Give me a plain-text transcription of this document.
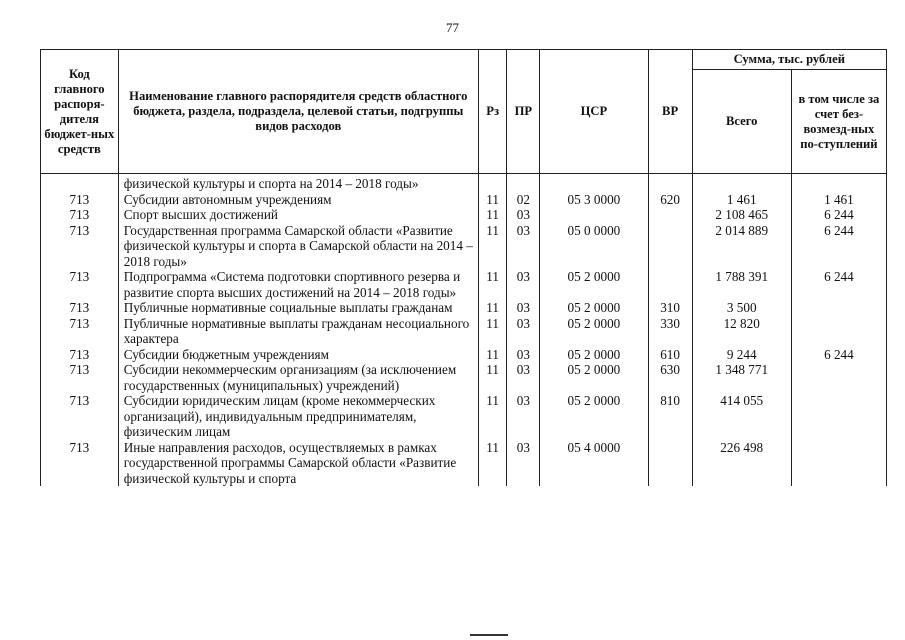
77
Код главного распоря-дителя бюджет-ных средств	Наименование главного распорядителя средств областного бюджета, раздела, подраздела, целевой статьи, подгруппы видов расходов	Рз	ПР	ЦСР	ВР	Сумма, тыс. рублей	
						Всего	в том числе за счет без-возмезд-ных по-ступлений
	физической культуры и спорта на 2014 – 2018 годы»						
713	Субсидии автономным учреждениям	11	02	05 3 0000	620	1 461	1 461
713	Спорт высших достижений	11	03			2 108 465	6 244
713	Государственная программа Самарской области «Развитие физической культуры и спорта в Самарской области на 2014 – 2018 годы»	11	03	05 0 0000		2 014 889	6 244
713	Подпрограмма «Система подготовки спортивного резерва и развитие спорта высших достижений на 2014 – 2018 годы»	11	03	05 2 0000		1 788 391	6 244
713	Публичные нормативные социальные выплаты гражданам	11	03	05 2 0000	310	3 500	
713	Публичные нормативные выплаты гражданам несоциального характера	11	03	05 2 0000	330	12 820	
713	Субсидии бюджетным учреждениям	11	03	05 2 0000	610	9 244	6 244
713	Субсидии некоммерческим организациям (за исключением государственных (муниципальных) учреждений)	11	03	05 2 0000	630	1 348 771	
713	Субсидии юридическим лицам (кроме некоммерческих организаций), индивидуальным предпринимателям, физическим лицам	11	03	05 2 0000	810	414 055	
713	Иные направления расходов, осуществляемых в рамках государственной программы Самарской области «Развитие физической культуры и спорта	11	03	05 4 0000		226 498	
